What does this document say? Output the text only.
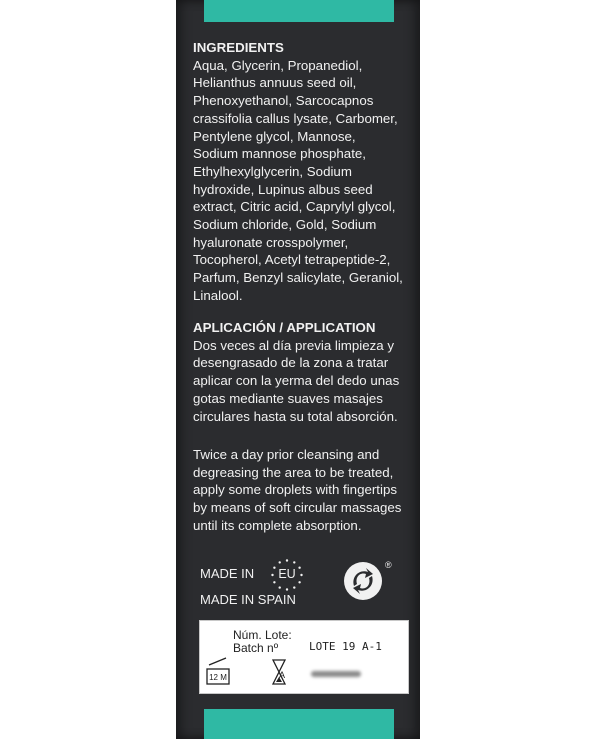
INGREDIENTS
Aqua, Glycerin, Propanediol,
Helianthus annuus seed oil,
Phenoxyethanol, Sarcocapnos
crassifolia callus lysate, Carbomer,
Pentylene glycol, Mannose,
Sodium mannose phosphate,
Ethylhexylglycerin, Sodium
hydroxide, Lupinus albus seed
extract, Citric acid, Caprylyl glycol,
Sodium chloride, Gold, Sodium
hyaluronate crosspolymer,
Tocopherol, Acetyl tetrapeptide-2,
Parfum, Benzyl salicylate, Geraniol,
Linalool.
APLICACIÓN / APPLICATION
Dos veces al día previa limpieza y
desengrasado de la zona a tratar
aplicar con la yerma del dedo unas
gotas mediante suaves masajes
circulares hasta su total absorción.
Twice a day prior cleansing and
degreasing the area to be treated,
apply some droplets with fingertips
by means of soft circular massages
until its complete absorption.
MADE IN	EU
MADE IN SPAIN
®
Núm. Lote:
Batch nº	LOTE 19 A-1
12 M	A
